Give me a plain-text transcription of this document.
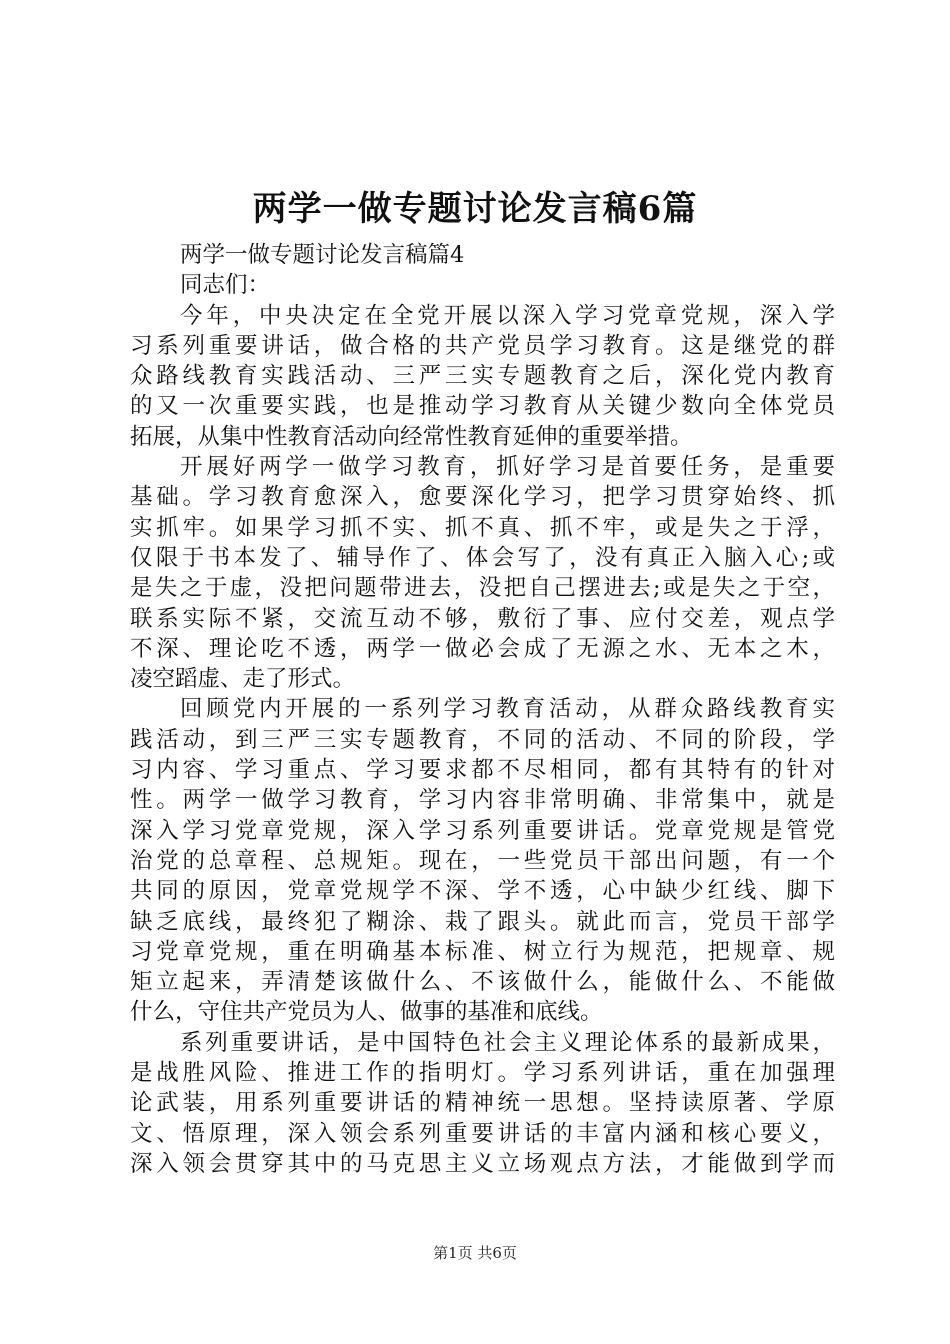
两学一做专题讨论发言稿6篇
两学一做专题讨论发言稿篇4
同志们：
今年，中央决定在全党开展以深入学习党章党规，深入学
习系列重要讲话，做合格的共产党员学习教育。这是继党的群
众路线教育实践活动、三严三实专题教育之后，深化党内教育
的又一次重要实践，也是推动学习教育从关键少数向全体党员
拓展，从集中性教育活动向经常性教育延伸的重要举措。
开展好两学一做学习教育，抓好学习是首要任务，是重要
基础。学习教育愈深入，愈要深化学习，把学习贯穿始终、抓
实抓牢。如果学习抓不实、抓不真、抓不牢，或是失之于浮，
仅限于书本发了、辅导作了、体会写了，没有真正入脑入心;或
是失之于虚，没把问题带进去，没把自己摆进去;或是失之于空，
联系实际不紧，交流互动不够，敷衍了事、应付交差，观点学
不深、理论吃不透，两学一做必会成了无源之水、无本之木，
凌空蹈虚、走了形式。
回顾党内开展的一系列学习教育活动，从群众路线教育实
践活动，到三严三实专题教育，不同的活动、不同的阶段，学
习内容、学习重点、学习要求都不尽相同，都有其特有的针对
性。两学一做学习教育，学习内容非常明确、非常集中，就是
深入学习党章党规，深入学习系列重要讲话。党章党规是管党
治党的总章程、总规矩。现在，一些党员干部出问题，有一个
共同的原因，党章党规学不深、学不透，心中缺少红线、脚下
缺乏底线，最终犯了糊涂、栽了跟头。就此而言，党员干部学
习党章党规，重在明确基本标准、树立行为规范，把规章、规
矩立起来，弄清楚该做什么、不该做什么，能做什么、不能做
什么，守住共产党员为人、做事的基准和底线。
系列重要讲话，是中国特色社会主义理论体系的最新成果，
是战胜风险、推进工作的指明灯。学习系列讲话，重在加强理
论武装，用系列重要讲话的精神统一思想。坚持读原著、学原
文、悟原理，深入领会系列重要讲话的丰富内涵和核心要义，
深入领会贯穿其中的马克思主义立场观点方法，才能做到学而
第1页 共6页
